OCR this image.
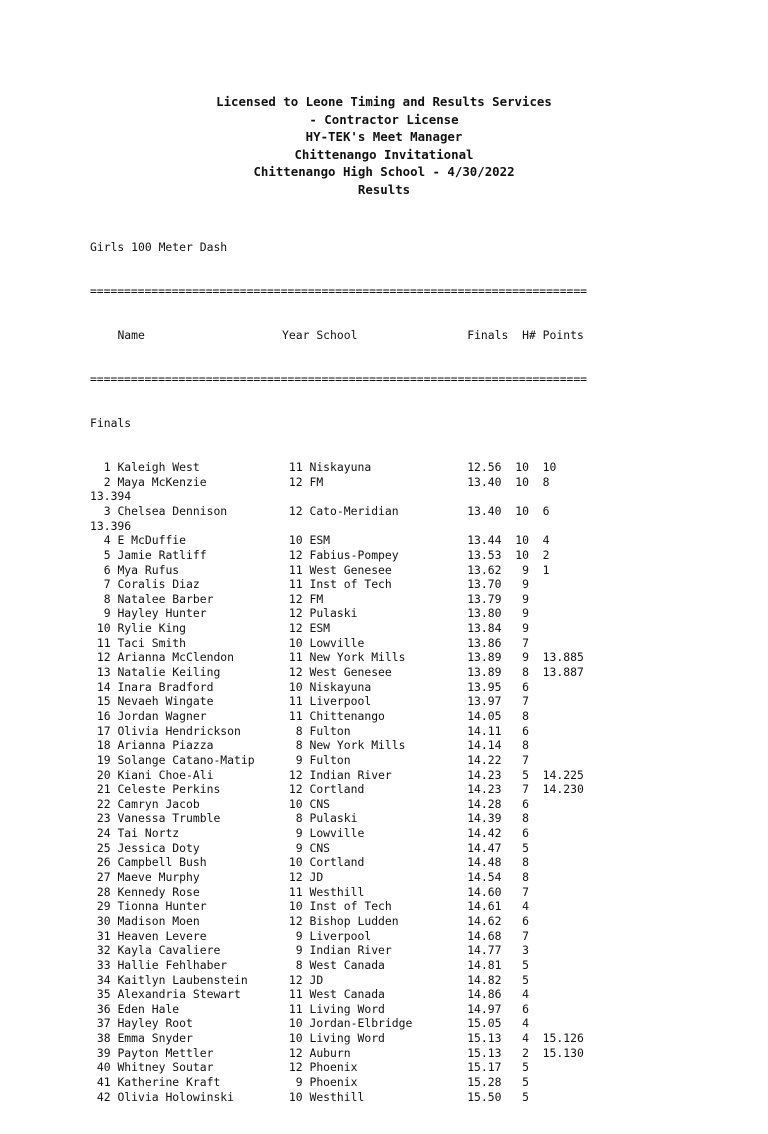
Licensed to Leone Timing and Results Services
- Contractor License
HY-TEK's Meet Manager
Chittenango Invitational
Chittenango High School - 4/30/2022
Results

Girls 100 Meter Dash

=========================================================================

Name	Year School	Finals H# Points

=========================================================================

Finals

1 Kaleigh West             11 Niskayuna              12.56  10  10
2 Maya McKenzie            12 FM                     13.40  10  8
13.394
3 Chelsea Dennison         12 Cato-Meridian          13.40  10  6
13.396
4 E McDuffie               10 ESM                    13.44  10  4
5 Jamie Ratliff            12 Fabius-Pompey          13.53  10  2
6 Mya Rufus                11 West Genesee           13.62   9  1
7 Coralis Diaz             11 Inst of Tech           13.70   9
8 Natalee Barber           12 FM                     13.79   9
9 Hayley Hunter            12 Pulaski                13.80   9
10 Rylie King               12 ESM                    13.84   9
11 Taci Smith               10 Lowville               13.86   7
12 Arianna McClendon        11 New York Mills         13.89   9  13.885
13 Natalie Keiling          12 West Genesee           13.89   8  13.887
14 Inara Bradford           10 Niskayuna              13.95   6
15 Nevaeh Wingate           11 Liverpool              13.97   7
16 Jordan Wagner            11 Chittenango            14.05   8
17 Olivia Hendrickson        8 Fulton                 14.11   6
18 Arianna Piazza            8 New York Mills         14.14   8
19 Solange Catano-Matip      9 Fulton                 14.22   7
20 Kiani Choe-Ali           12 Indian River           14.23   5  14.225
21 Celeste Perkins          12 Cortland               14.23   7  14.230
22 Camryn Jacob             10 CNS                    14.28   6
23 Vanessa Trumble           8 Pulaski                14.39   8
24 Tai Nortz                 9 Lowville               14.42   6
25 Jessica Doty              9 CNS                    14.47   5
26 Campbell Bush            10 Cortland               14.48   8
27 Maeve Murphy             12 JD                     14.54   8
28 Kennedy Rose             11 Westhill               14.60   7
29 Tionna Hunter            10 Inst of Tech           14.61   4
30 Madison Moen             12 Bishop Ludden          14.62   6
31 Heaven Levere             9 Liverpool              14.68   7
32 Kayla Cavaliere           9 Indian River           14.77   3
33 Hallie Fehlhaber          8 West Canada            14.81   5
34 Kaitlyn Laubenstein      12 JD                     14.82   5
35 Alexandria Stewart       11 West Canada            14.86   4
36 Eden Hale                11 Living Word            14.97   6
37 Hayley Root              10 Jordan-Elbridge        15.05   4
38 Emma Snyder              10 Living Word            15.13   4  15.126
39 Payton Mettler           12 Auburn                 15.13   2  15.130
40 Whitney Soutar           12 Phoenix                15.17   5
41 Katherine Kraft           9 Phoenix                15.28   5
42 Olivia Holowinski        10 Westhill               15.50   5
